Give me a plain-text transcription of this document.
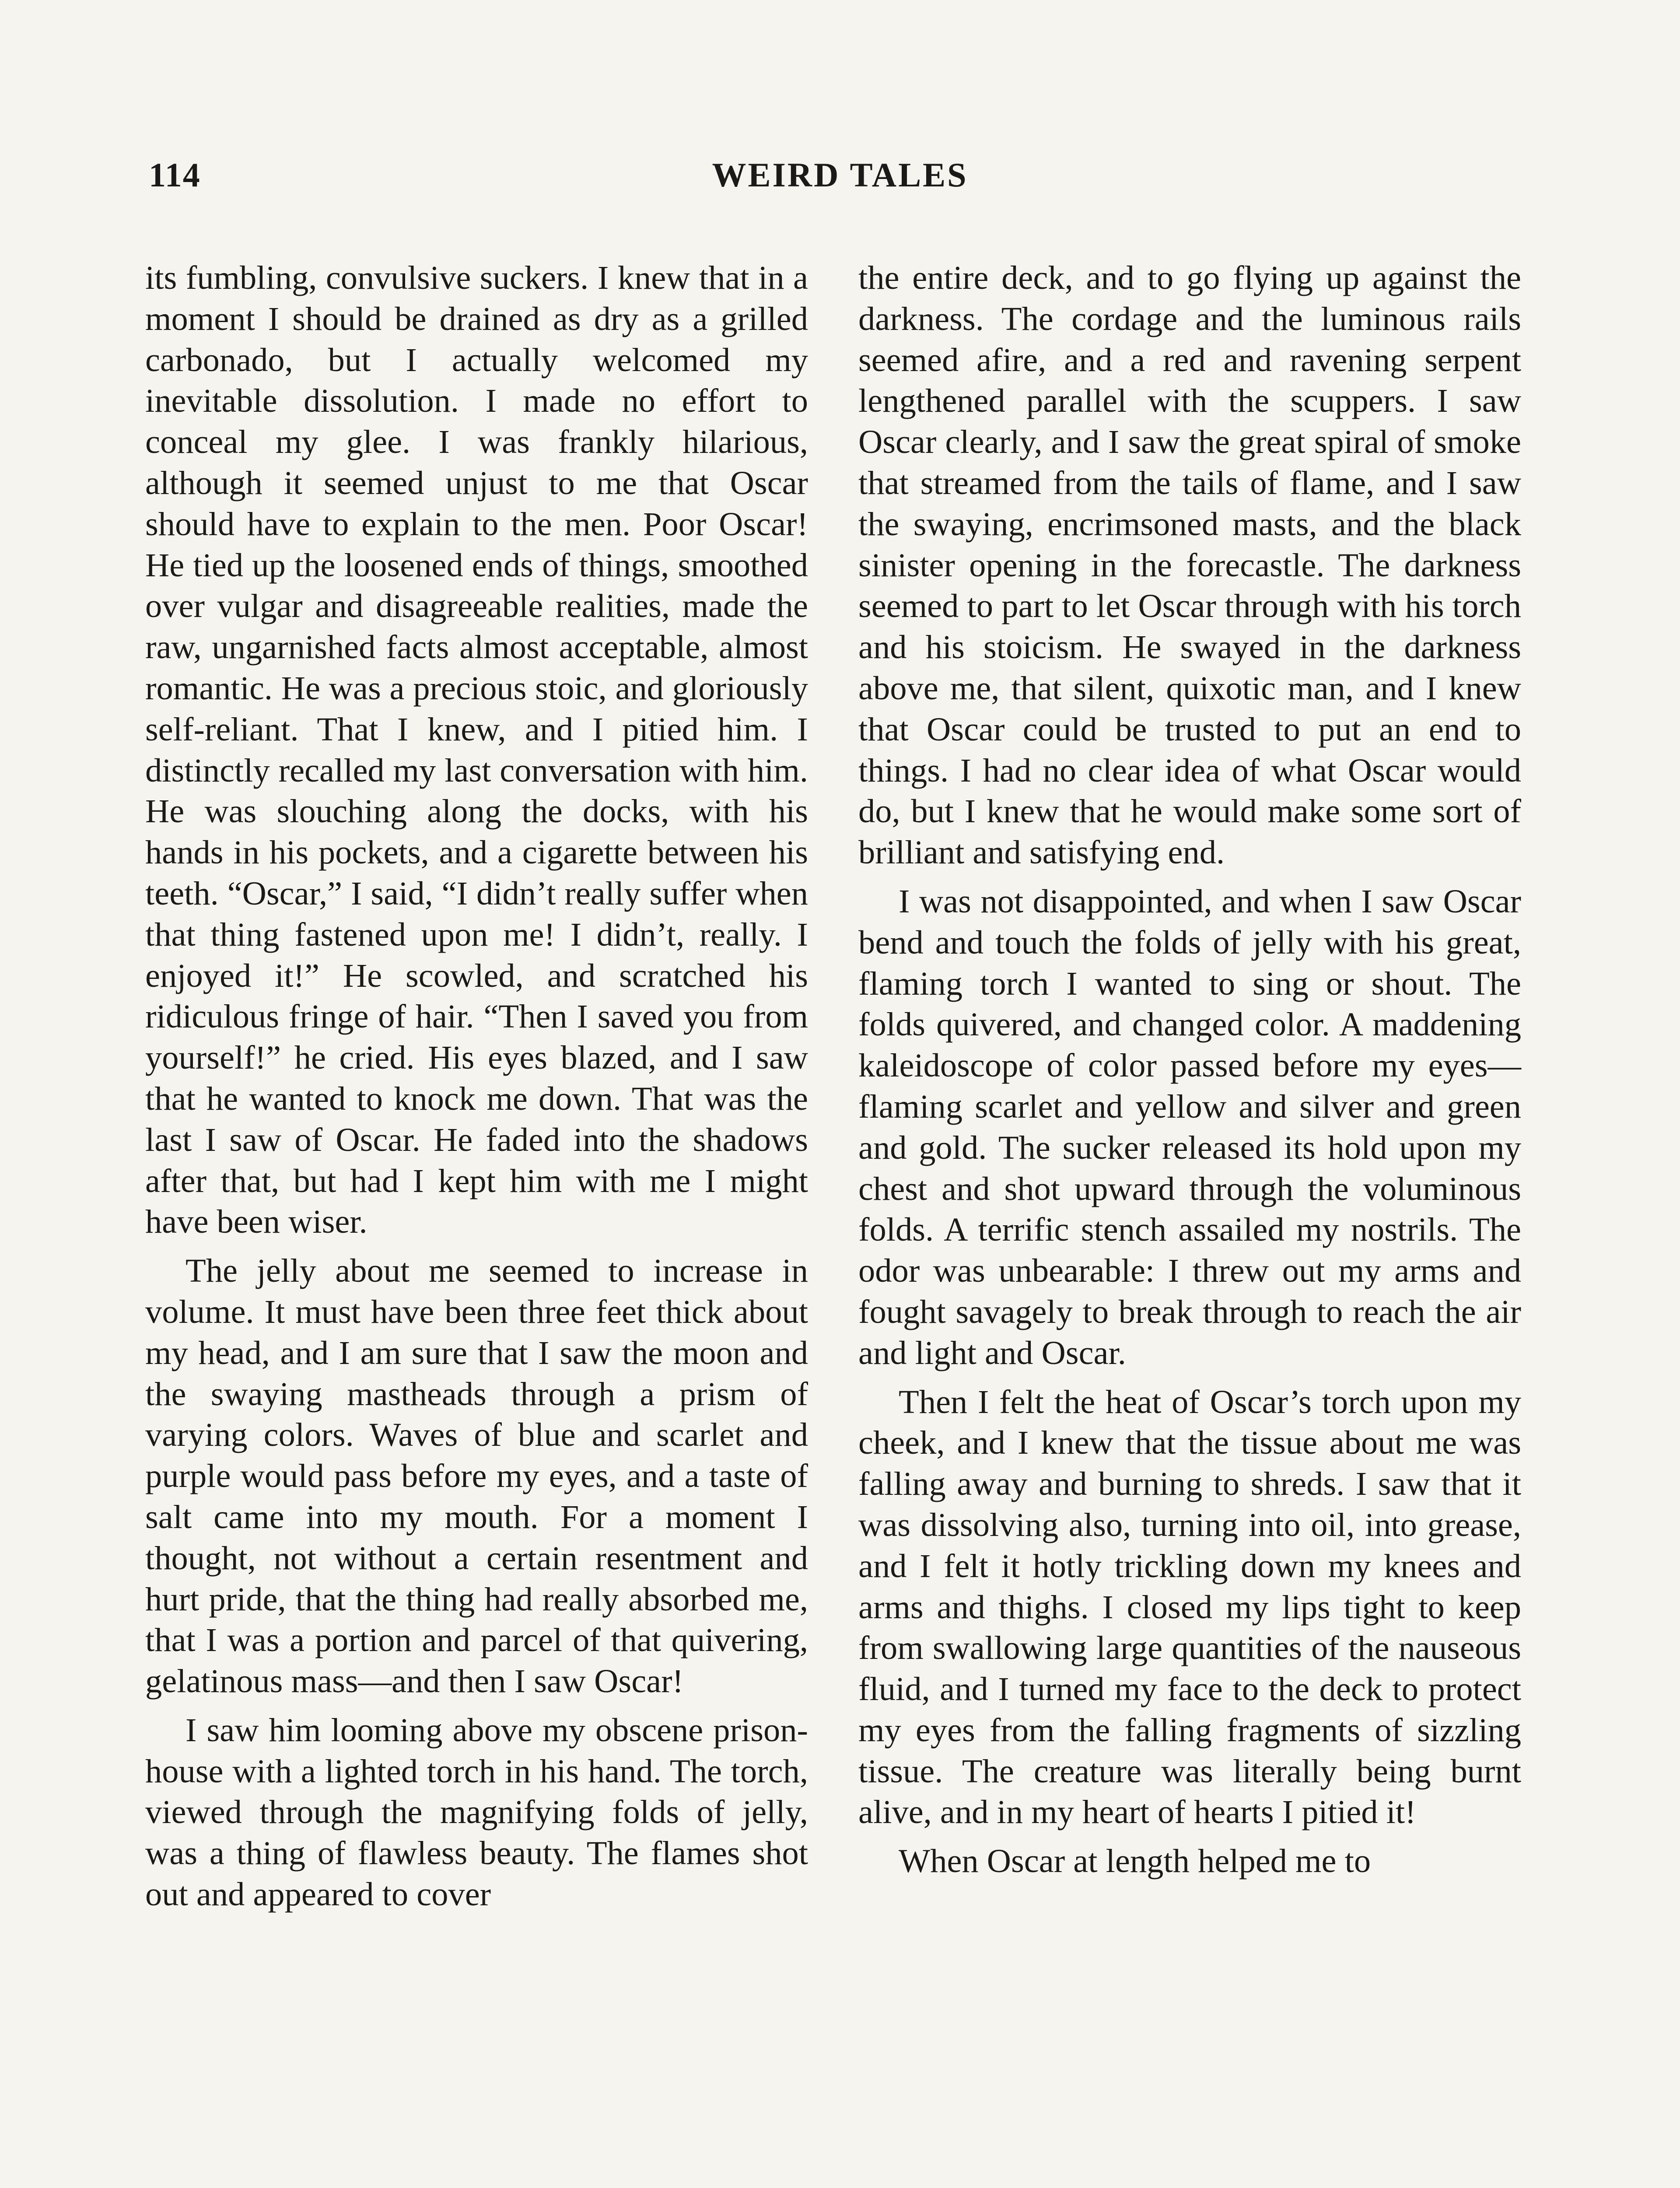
114	WEIRD TALES

its fumbling, convulsive suckers. I knew that in a moment I should be drained as dry as a grilled carbonado, but I actually welcomed my inevitable dissolution. I made no effort to conceal my glee. I was frankly hilarious, although it seemed unjust to me that Oscar should have to explain to the men. Poor Oscar! He tied up the loosened ends of things, smoothed over vulgar and disagreeable realities, made the raw, ungarnished facts almost acceptable, almost romantic. He was a precious stoic, and gloriously self-reliant. That I knew, and I pitied him. I distinctly recalled my last conversation with him. He was slouching along the docks, with his hands in his pockets, and a cigarette between his teeth. “Oscar,” I said, “I didn’t really suffer when that thing fastened upon me! I didn’t, really. I enjoyed it!” He scowled, and scratched his ridiculous fringe of hair. “Then I saved you from yourself!” he cried. His eyes blazed, and I saw that he wanted to knock me down. That was the last I saw of Oscar. He faded into the shadows after that, but had I kept him with me I might have been wiser.

The jelly about me seemed to increase in volume. It must have been three feet thick about my head, and I am sure that I saw the moon and the swaying mastheads through a prism of varying colors. Waves of blue and scarlet and purple would pass before my eyes, and a taste of salt came into my mouth. For a moment I thought, not without a certain resentment and hurt pride, that the thing had really absorbed me, that I was a portion and parcel of that quivering, gelatinous mass—and then I saw Oscar!

I saw him looming above my obscene prison-house with a lighted torch in his hand. The torch, viewed through the magnifying folds of jelly, was a thing of flawless beauty. The flames shot out and appeared to cover

the entire deck, and to go flying up against the darkness. The cordage and the luminous rails seemed afire, and a red and ravening serpent lengthened parallel with the scuppers. I saw Oscar clearly, and I saw the great spiral of smoke that streamed from the tails of flame, and I saw the swaying, encrimsoned masts, and the black sinister opening in the forecastle. The darkness seemed to part to let Oscar through with his torch and his stoicism. He swayed in the darkness above me, that silent, quixotic man, and I knew that Oscar could be trusted to put an end to things. I had no clear idea of what Oscar would do, but I knew that he would make some sort of brilliant and satisfying end.

I was not disappointed, and when I saw Oscar bend and touch the folds of jelly with his great, flaming torch I wanted to sing or shout. The folds quivered, and changed color. A maddening kaleidoscope of color passed before my eyes—flaming scarlet and yellow and silver and green and gold. The sucker released its hold upon my chest and shot upward through the voluminous folds. A terrific stench assailed my nostrils. The odor was unbearable: I threw out my arms and fought savagely to break through to reach the air and light and Oscar.

Then I felt the heat of Oscar’s torch upon my cheek, and I knew that the tissue about me was falling away and burning to shreds. I saw that it was dissolving also, turning into oil, into grease, and I felt it hotly trickling down my knees and arms and thighs. I closed my lips tight to keep from swallowing large quantities of the nauseous fluid, and I turned my face to the deck to protect my eyes from the falling fragments of sizzling tissue. The creature was literally being burnt alive, and in my heart of hearts I pitied it!

When Oscar at length helped me to
